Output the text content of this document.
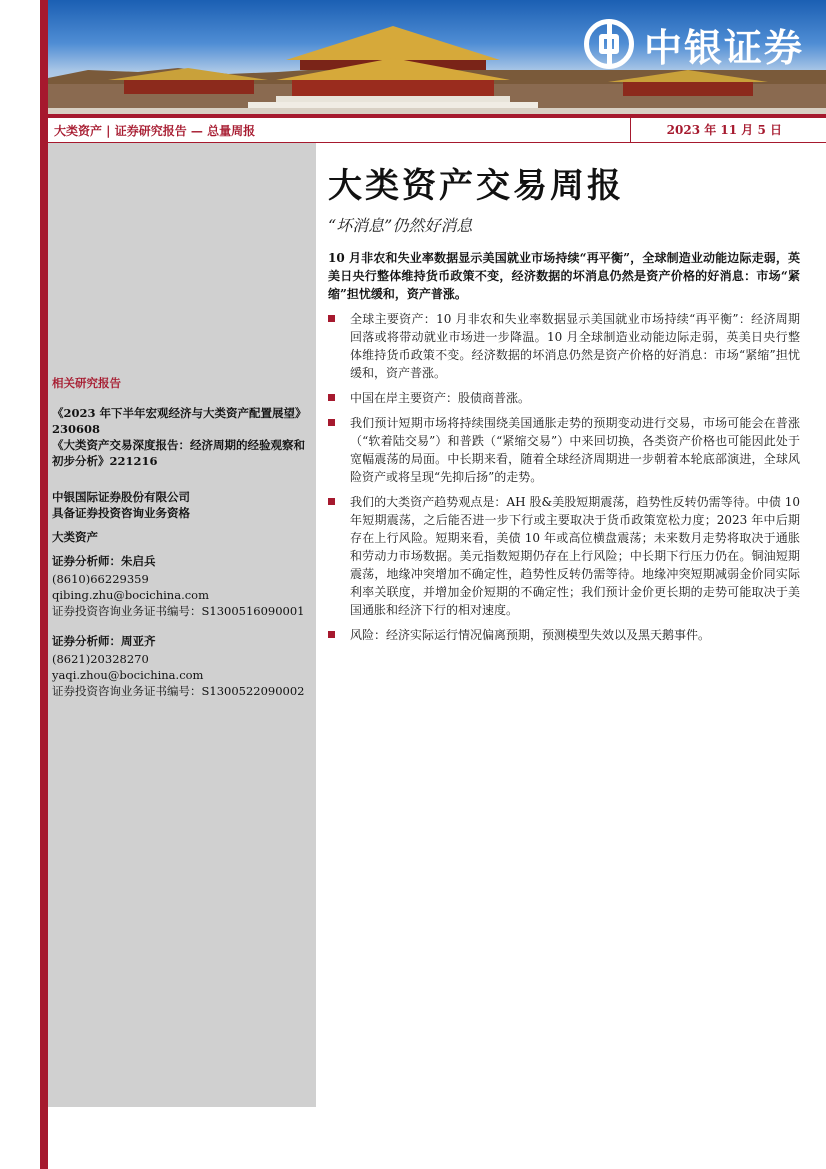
中银证券
大类资产 | 证券研究报告 — 总量周报	2023 年 11 月 5 日
相关研究报告
《2023 年下半年宏观经济与大类资产配置展望》230608
《大类资产交易深度报告：经济周期的经验观察和初步分析》221216
中银国际证券股份有限公司
具备证券投资咨询业务资格
大类资产
证券分析师：朱启兵
(8610)66229359
qibing.zhu@bocichina.com
证券投资咨询业务证书编号：S1300516090001
证券分析师：周亚齐
(8621)20328270
yaqi.zhou@bocichina.com
证券投资咨询业务证书编号：S1300522090002
大类资产交易周报
“坏消息”仍然好消息
10 月非农和失业率数据显示美国就业市场持续“再平衡”，全球制造业动能边际走弱，英美日央行整体维持货币政策不变，经济数据的坏消息仍然是资产价格的好消息：市场“紧缩”担忧缓和，资产普涨。
全球主要资产：10 月非农和失业率数据显示美国就业市场持续“再平衡”：经济周期回落或将带动就业市场进一步降温。10 月全球制造业动能边际走弱，英美日央行整体维持货币政策不变。经济数据的坏消息仍然是资产价格的好消息：市场“紧缩”担忧缓和，资产普涨。
中国在岸主要资产：股债商普涨。
我们预计短期市场将持续围绕美国通胀走势的预期变动进行交易，市场可能会在普涨（“软着陆交易”）和普跌（“紧缩交易”）中来回切换，各类资产价格也可能因此处于宽幅震荡的局面。中长期来看，随着全球经济周期进一步朝着本轮底部演进，全球风险资产或将呈现“先抑后扬”的走势。
我们的大类资产趋势观点是：AH 股&美股短期震荡，趋势性反转仍需等待。中债 10 年短期震荡，之后能否进一步下行或主要取决于货币政策宽松力度；2023 年中后期存在上行风险。短期来看，美债 10 年或高位横盘震荡；未来数月走势将取决于通胀和劳动力市场数据。美元指数短期仍存在上行风险；中长期下行压力仍在。铜油短期震荡，地缘冲突增加不确定性，趋势性反转仍需等待。地缘冲突短期减弱金价同实际利率关联度，并增加金价短期的不确定性；我们预计金价更长期的走势可能取决于美国通胀和经济下行的相对速度。
风险：经济实际运行情况偏离预期，预测模型失效以及黑天鹅事件。
